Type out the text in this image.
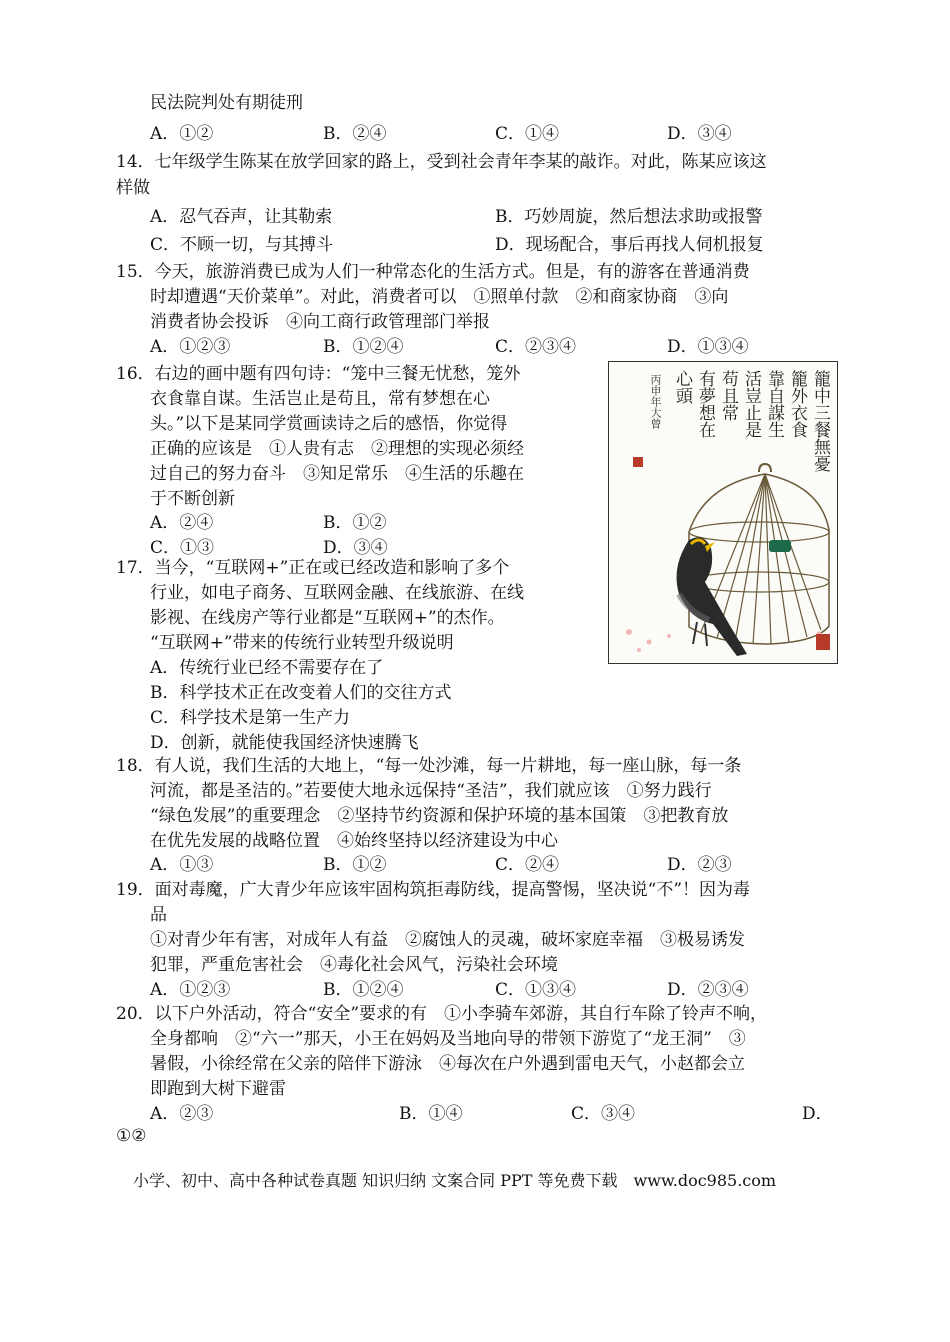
民法院判处有期徒刑
A．①②	B．②④	C．①④	D．③④
14．七年级学生陈某在放学回家的路上，受到社会青年李某的敲诈。对此，陈某应该这
样做
A．忍气吞声，让其勒索	B．巧妙周旋，然后想法求助或报警
C．不顾一切，与其搏斗	D．现场配合，事后再找人伺机报复
15．今天，旅游消费已成为人们一种常态化的生活方式。但是，有的游客在普通消费
时却遭遇“天价菜单”。对此，消费者可以　①照单付款　②和商家协商　③向
消费者协会投诉　④向工商行政管理部门举报
A．①②③	B．①②④	C．②③④	D．①③④
16．右边的画中题有四句诗：“笼中三餐无忧愁，笼外
衣食靠自谋。生活岂止是苟且，常有梦想在心
头。”以下是某同学赏画读诗之后的感悟，你觉得
正确的应该是　①人贵有志　②理想的实现必须经
过自己的努力奋斗　③知足常乐　④生活的乐趣在
于不断创新
A．②④	B．①②
C．①③	D．③④
籠中三餐無憂
籠外衣食
靠自謀生
活豈止是
苟且常
有夢想在
心頭
丙申年大曾
17．当今，“互联网+”正在或已经改造和影响了多个
行业，如电子商务、互联网金融、在线旅游、在线
影视、在线房产等行业都是“互联网+”的杰作。
“互联网+”带来的传统行业转型升级说明
A．传统行业已经不需要存在了
B．科学技术正在改变着人们的交往方式
C．科学技术是第一生产力
D．创新，就能使我国经济快速腾飞
18．有人说，我们生活的大地上，“每一处沙滩，每一片耕地，每一座山脉，每一条
河流，都是圣洁的。”若要使大地永远保持“圣洁”，我们就应该　①努力践行
“绿色发展”的重要理念　②坚持节约资源和保护环境的基本国策　③把教育放
在优先发展的战略位置　④始终坚持以经济建设为中心
A．①③	B．①②	C．②④	D．②③
19．面对毒魔，广大青少年应该牢固构筑拒毒防线，提高警惕，坚决说“不”！因为毒
品
①对青少年有害，对成年人有益　②腐蚀人的灵魂，破坏家庭幸福　③极易诱发
犯罪，严重危害社会　④毒化社会风气，污染社会环境
A．①②③	B．①②④	C．①③④	D．②③④
20．以下户外活动，符合“安全”要求的有　①小李骑车郊游，其自行车除了铃声不响，
全身都响　②“六一”那天，小王在妈妈及当地向导的带领下游览了“龙王洞”　③
暑假，小徐经常在父亲的陪伴下游泳　④每次在户外遇到雷电天气，小赵都会立
即跑到大树下避雷
A．②③	B．①④	C．③④	D．
①②
小学、初中、高中各种试卷真题 知识归纳 文案合同 PPT 等免费下载　www.doc985.com
